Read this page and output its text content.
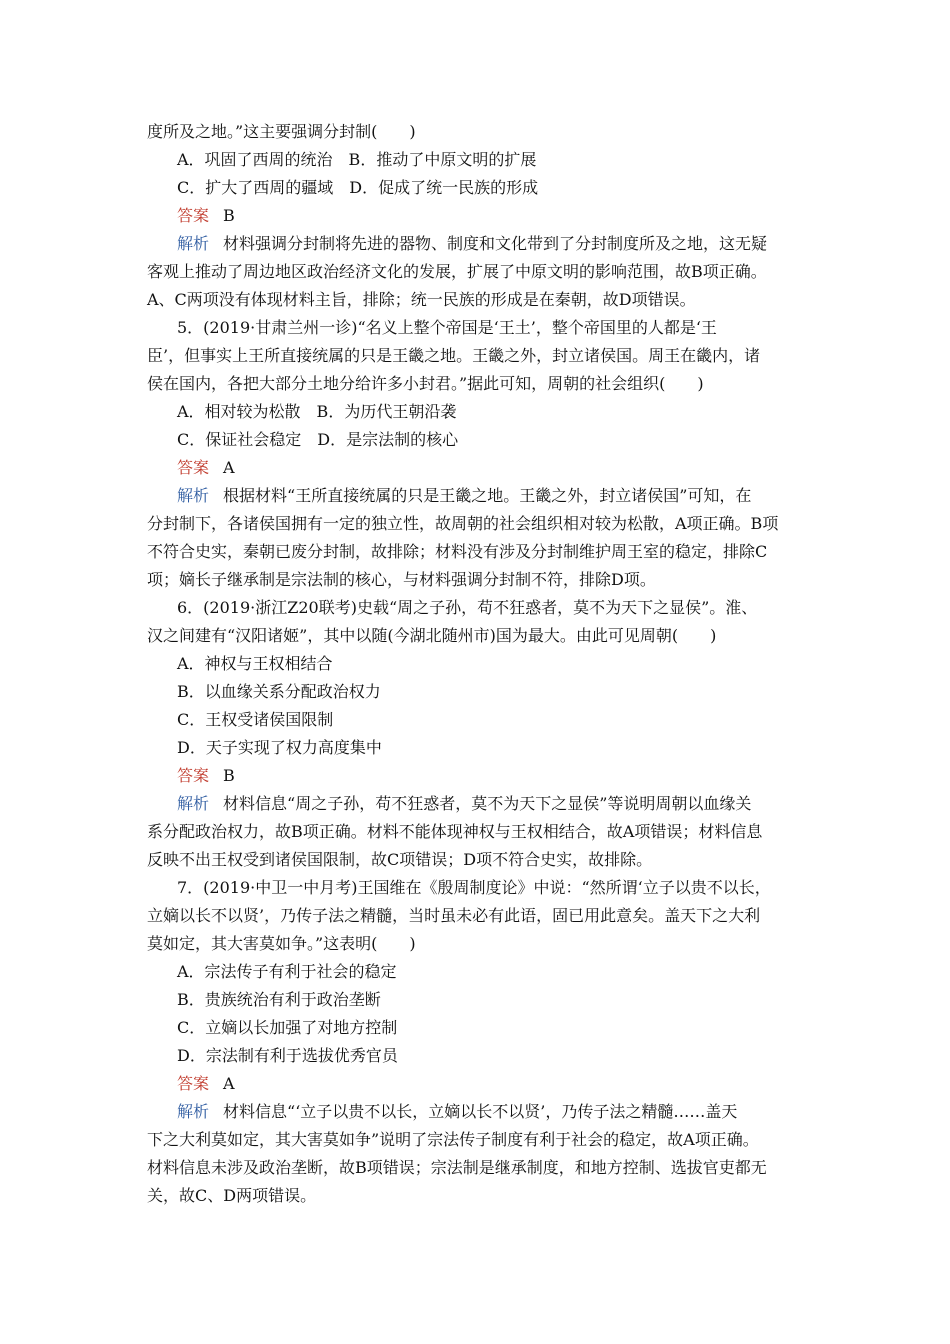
度所及之地。”这主要强调分封制(　　)
A．巩固了西周的统治　B．推动了中原文明的扩展
C．扩大了西周的疆域　D．促成了统一民族的形成
答案 B
解析 材料强调分封制将先进的器物、制度和文化带到了分封制度所及之地，这无疑
客观上推动了周边地区政治经济文化的发展，扩展了中原文明的影响范围，故B项正确。
A、C两项没有体现材料主旨，排除；统一民族的形成是在秦朝，故D项错误。
5．(2019·甘肃兰州一诊)“名义上整个帝国是‘王土’，整个帝国里的人都是‘王
臣’，但事实上王所直接统属的只是王畿之地。王畿之外，封立诸侯国。周王在畿内，诸
侯在国内，各把大部分土地分给许多小封君。”据此可知，周朝的社会组织(　　)
A．相对较为松散　B．为历代王朝沿袭
C．保证社会稳定　D．是宗法制的核心
答案 A
解析 根据材料“王所直接统属的只是王畿之地。王畿之外，封立诸侯国”可知，在
分封制下，各诸侯国拥有一定的独立性，故周朝的社会组织相对较为松散，A项正确。B项
不符合史实，秦朝已废分封制，故排除；材料没有涉及分封制维护周王室的稳定，排除C
项；嫡长子继承制是宗法制的核心，与材料强调分封制不符，排除D项。
6．(2019·浙江Z20联考)史载“周之子孙，苟不狂惑者，莫不为天下之显侯”。淮、
汉之间建有“汉阳诸姬”，其中以随(今湖北随州市)国为最大。由此可见周朝(　　)
A．神权与王权相结合
B．以血缘关系分配政治权力
C．王权受诸侯国限制
D．天子实现了权力高度集中
答案 B
解析 材料信息“周之子孙，苟不狂惑者，莫不为天下之显侯”等说明周朝以血缘关
系分配政治权力，故B项正确。材料不能体现神权与王权相结合，故A项错误；材料信息
反映不出王权受到诸侯国限制，故C项错误；D项不符合史实，故排除。
7．(2019·中卫一中月考)王国维在《殷周制度论》中说：“然所谓‘立子以贵不以长，
立嫡以长不以贤’，乃传子法之精髓，当时虽未必有此语，固已用此意矣。盖天下之大利
莫如定，其大害莫如争。”这表明(　　)
A．宗法传子有利于社会的稳定
B．贵族统治有利于政治垄断
C．立嫡以长加强了对地方控制
D．宗法制有利于选拔优秀官员
答案 A
解析 材料信息“‘立子以贵不以长，立嫡以长不以贤’，乃传子法之精髓……盖天
下之大利莫如定，其大害莫如争”说明了宗法传子制度有利于社会的稳定，故A项正确。
材料信息未涉及政治垄断，故B项错误；宗法制是继承制度，和地方控制、选拔官吏都无
关，故C、D两项错误。
